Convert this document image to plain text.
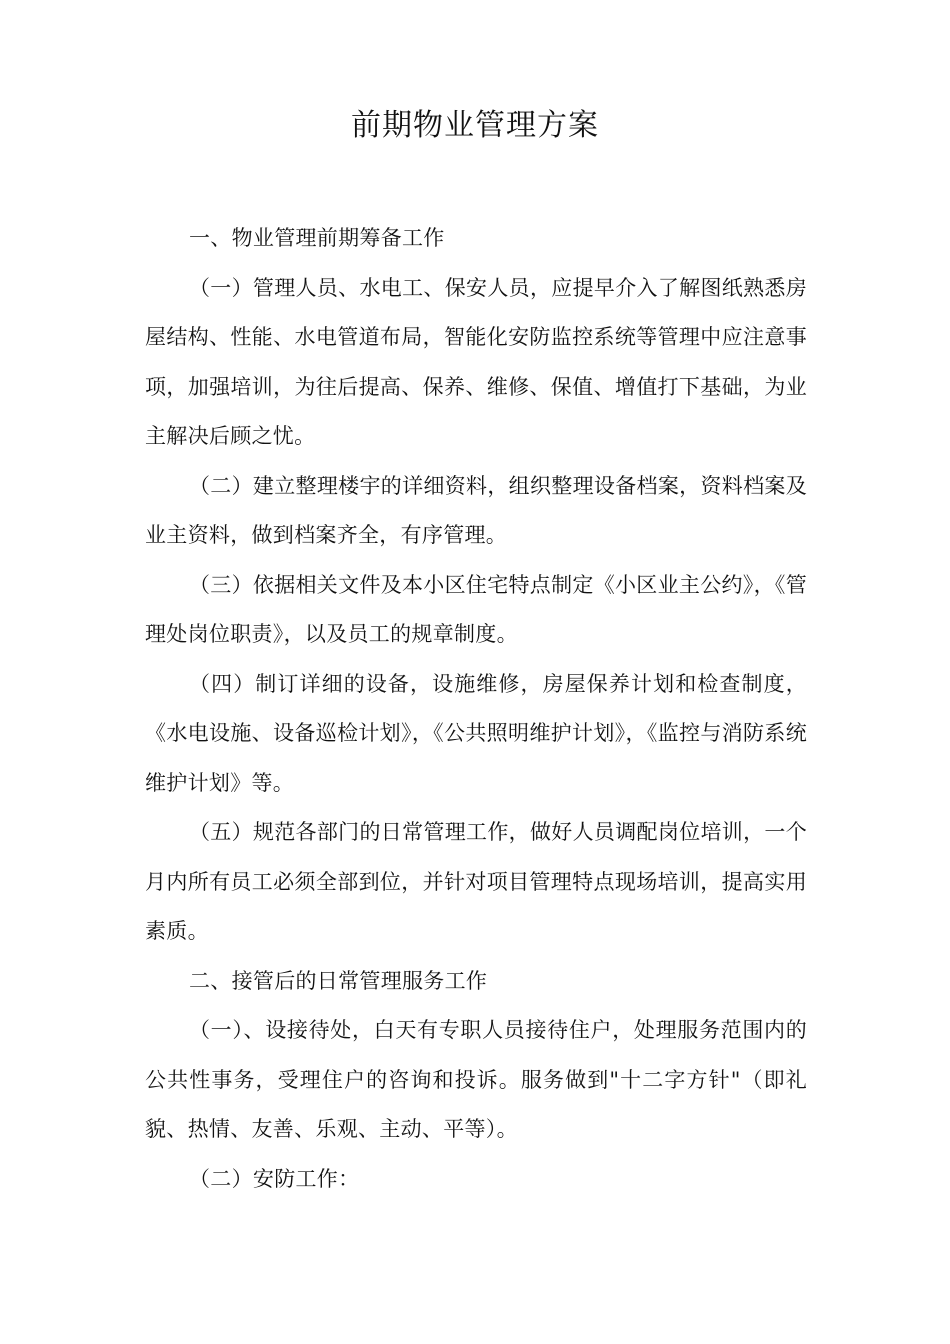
前期物业管理方案

一、物业管理前期筹备工作

（一）管理人员、水电工、保安人员，应提早介入了解图纸熟悉房屋结构、性能、水电管道布局，智能化安防监控系统等管理中应注意事项，加强培训，为往后提高、保养、维修、保值、增值打下基础，为业主解决后顾之忧。

（二）建立整理楼宇的详细资料，组织整理设备档案，资料档案及业主资料，做到档案齐全，有序管理。

（三）依据相关文件及本小区住宅特点制定《小区业主公约》，《管理处岗位职责》，以及员工的规章制度。

（四）制订详细的设备，设施维修，房屋保养计划和检查制度，《水电设施、设备巡检计划》，《公共照明维护计划》，《监控与消防系统维护计划》等。

（五）规范各部门的日常管理工作，做好人员调配岗位培训，一个月内所有员工必须全部到位，并针对项目管理特点现场培训，提高实用素质。

二、接管后的日常管理服务工作

（一）、设接待处，白天有专职人员接待住户，处理服务范围内的公共性事务，受理住户的咨询和投诉。服务做到"十二字方针"（即礼貌、热情、友善、乐观、主动、平等）。

（二）安防工作：
